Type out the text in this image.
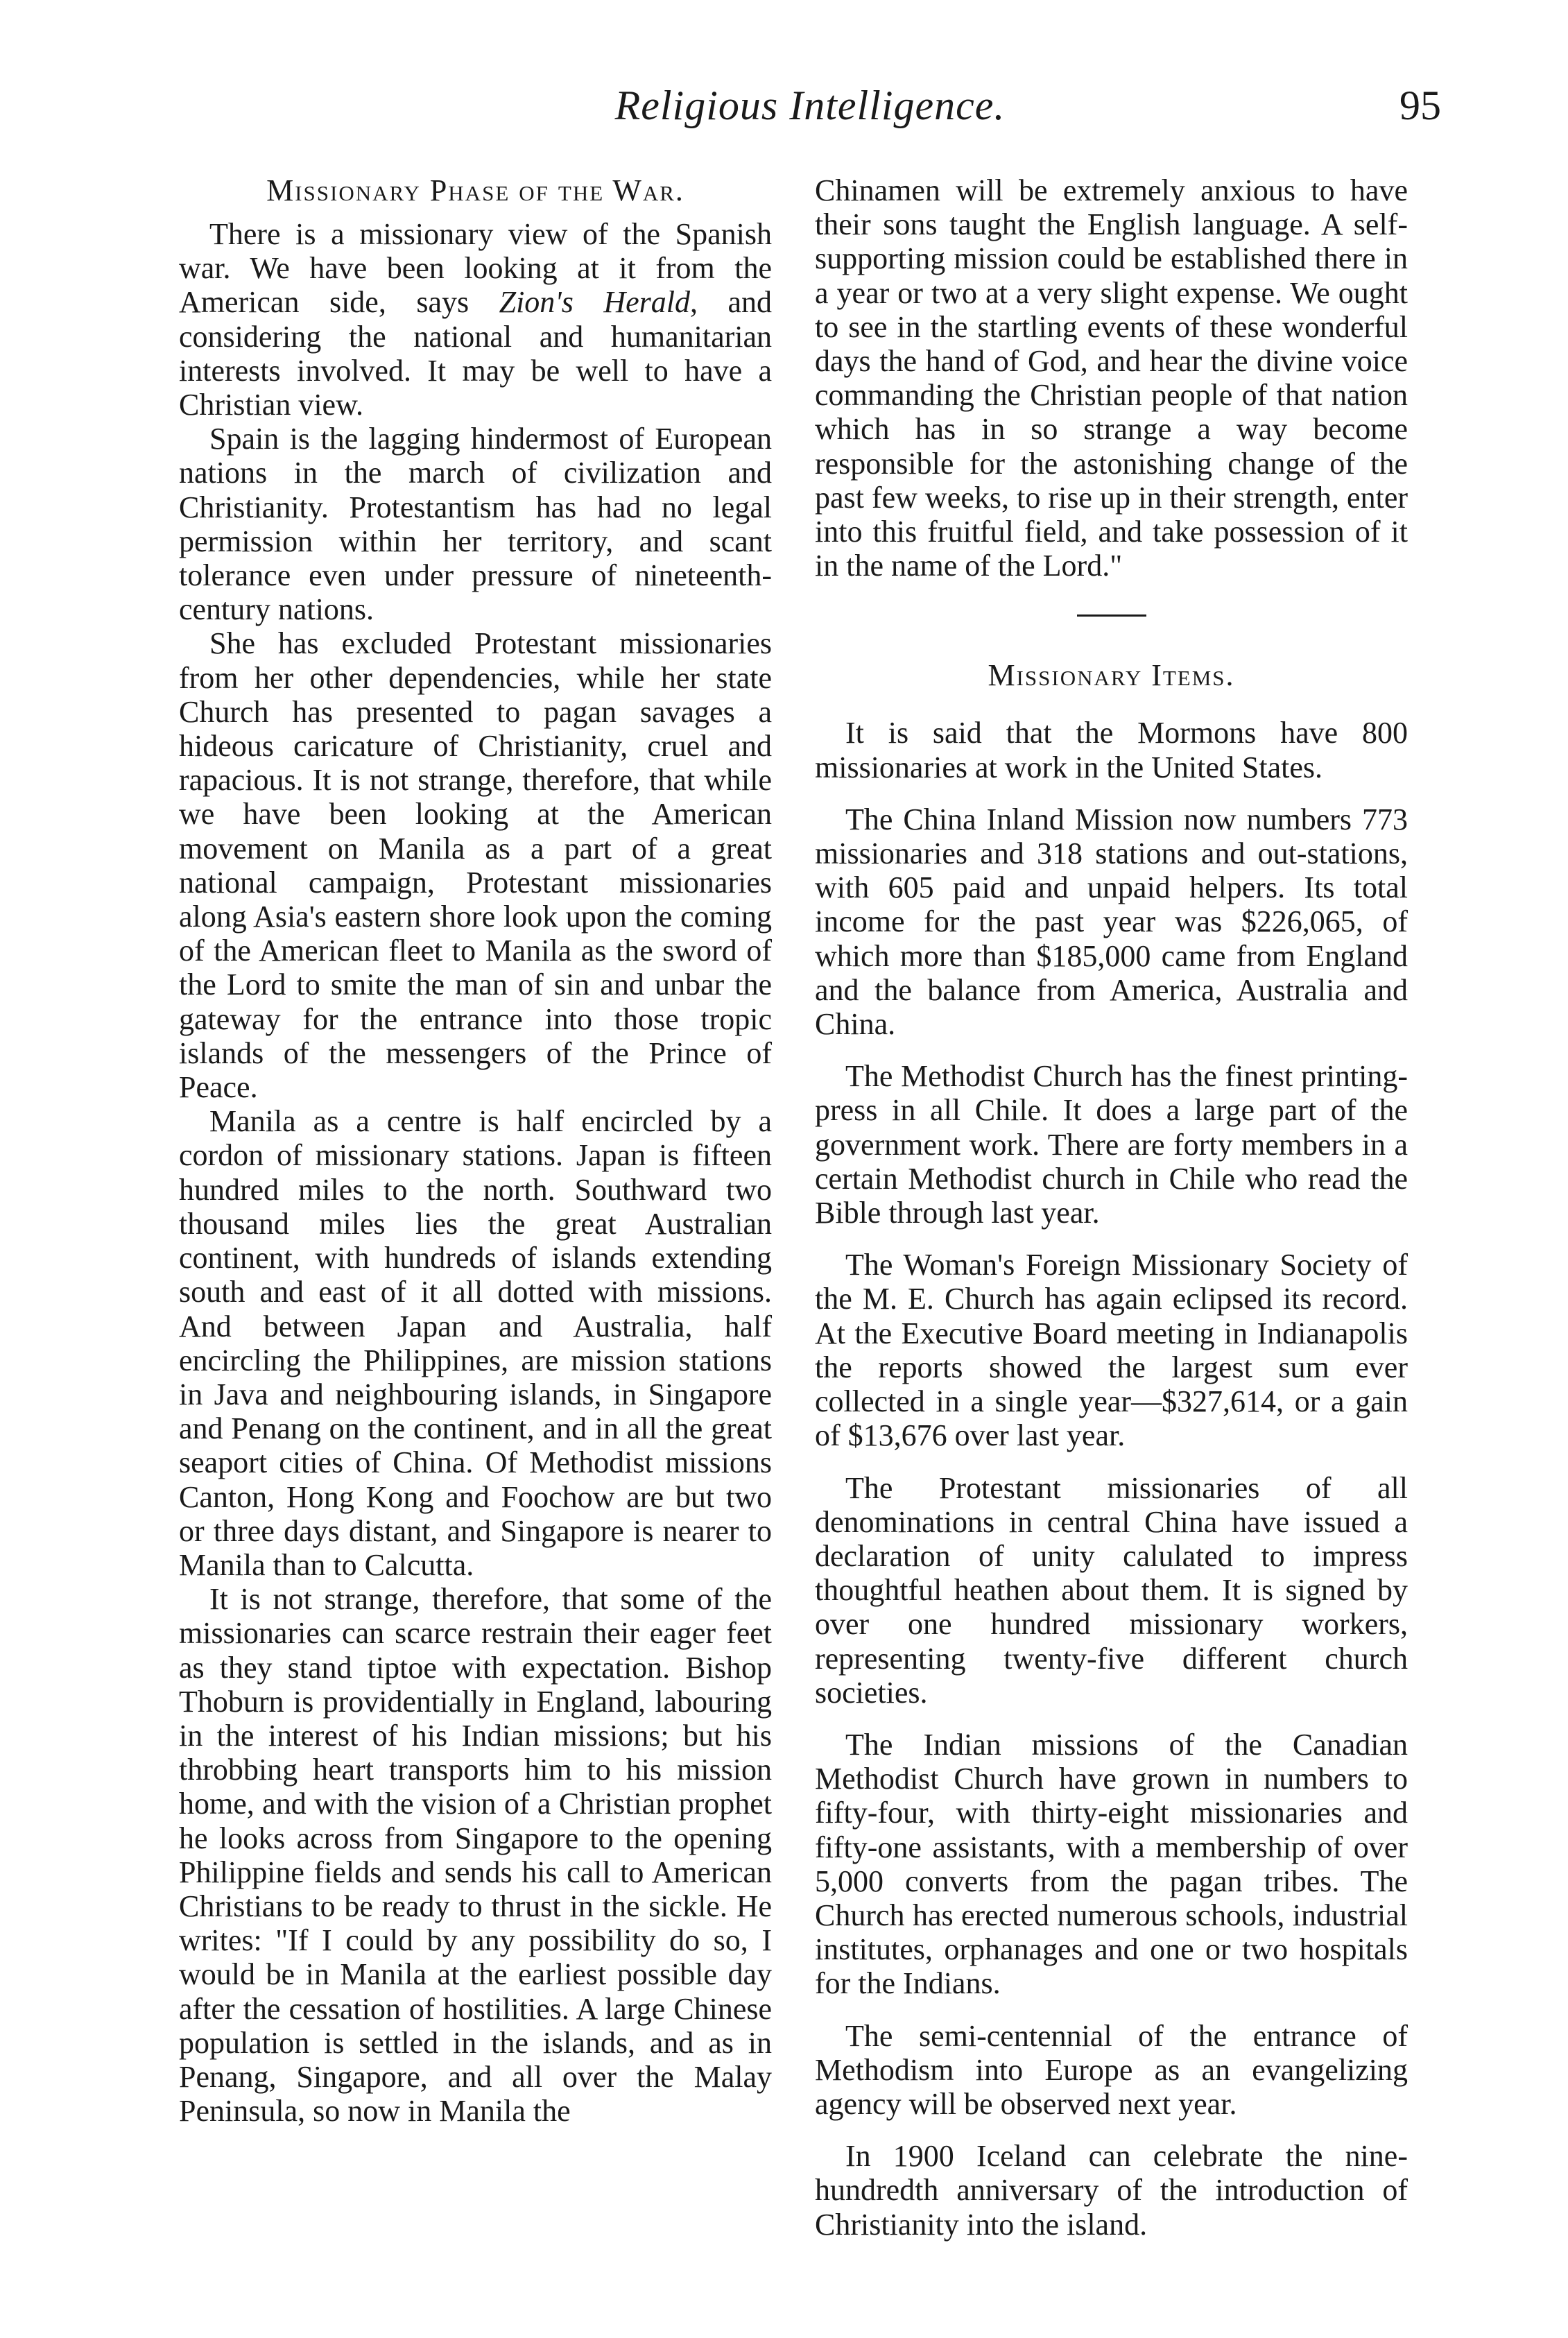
Religious Intelligence.	95
Missionary Phase of the War.

There is a missionary view of the Spanish war. We have been looking at it from the American side, says Zion's Herald, and considering the national and humanitarian interests involved. It may be well to have a Christian view.

Spain is the lagging hindermost of European nations in the march of civilization and Christianity. Protestantism has had no legal permission within her territory, and scant tolerance even under pressure of nineteenth-century nations.

She has excluded Protestant missionaries from her other dependencies, while her state Church has presented to pagan savages a hideous caricature of Christianity, cruel and rapacious. It is not strange, therefore, that while we have been looking at the American movement on Manila as a part of a great national campaign, Protestant missionaries along Asia's eastern shore look upon the coming of the American fleet to Manila as the sword of the Lord to smite the man of sin and unbar the gateway for the entrance into those tropic islands of the messengers of the Prince of Peace.

Manila as a centre is half encircled by a cordon of missionary stations. Japan is fifteen hundred miles to the north. Southward two thousand miles lies the great Australian continent, with hundreds of islands extending south and east of it all dotted with missions. And between Japan and Australia, half encircling the Philippines, are mission stations in Java and neighbouring islands, in Singapore and Penang on the continent, and in all the great seaport cities of China. Of Methodist missions Canton, Hong Kong and Foochow are but two or three days distant, and Singapore is nearer to Manila than to Calcutta.

It is not strange, therefore, that some of the missionaries can scarce restrain their eager feet as they stand tiptoe with expectation. Bishop Thoburn is providentially in England, labouring in the interest of his Indian missions; but his throbbing heart transports him to his mission home, and with the vision of a Christian prophet he looks across from Singapore to the opening Philippine fields and sends his call to American Christians to be ready to thrust in the sickle. He writes: "If I could by any possibility do so, I would be in Manila at the earliest possible day after the cessation of hostilities. A large Chinese population is settled in the islands, and as in Penang, Singapore, and all over the Malay Peninsula, so now in Manila the

Chinamen will be extremely anxious to have their sons taught the English language. A self-supporting mission could be established there in a year or two at a very slight expense. We ought to see in the startling events of these wonderful days the hand of God, and hear the divine voice commanding the Christian people of that nation which has in so strange a way become responsible for the astonishing change of the past few weeks, to rise up in their strength, enter into this fruitful field, and take possession of it in the name of the Lord."

Missionary Items.

It is said that the Mormons have 800 missionaries at work in the United States.

The China Inland Mission now numbers 773 missionaries and 318 stations and out-stations, with 605 paid and unpaid helpers. Its total income for the past year was $226,065, of which more than $185,000 came from England and the balance from America, Australia and China.

The Methodist Church has the finest printing-press in all Chile. It does a large part of the government work. There are forty members in a certain Methodist church in Chile who read the Bible through last year.

The Woman's Foreign Missionary Society of the M. E. Church has again eclipsed its record. At the Executive Board meeting in Indianapolis the reports showed the largest sum ever collected in a single year—$327,614, or a gain of $13,676 over last year.

The Protestant missionaries of all denominations in central China have issued a declaration of unity calulated to impress thoughtful heathen about them. It is signed by over one hundred missionary workers, representing twenty-five different church societies.

The Indian missions of the Canadian Methodist Church have grown in numbers to fifty-four, with thirty-eight missionaries and fifty-one assistants, with a membership of over 5,000 converts from the pagan tribes. The Church has erected numerous schools, industrial institutes, orphanages and one or two hospitals for the Indians.

The semi-centennial of the entrance of Methodism into Europe as an evangelizing agency will be observed next year.

In 1900 Iceland can celebrate the nine-hundredth anniversary of the introduction of Christianity into the island.
